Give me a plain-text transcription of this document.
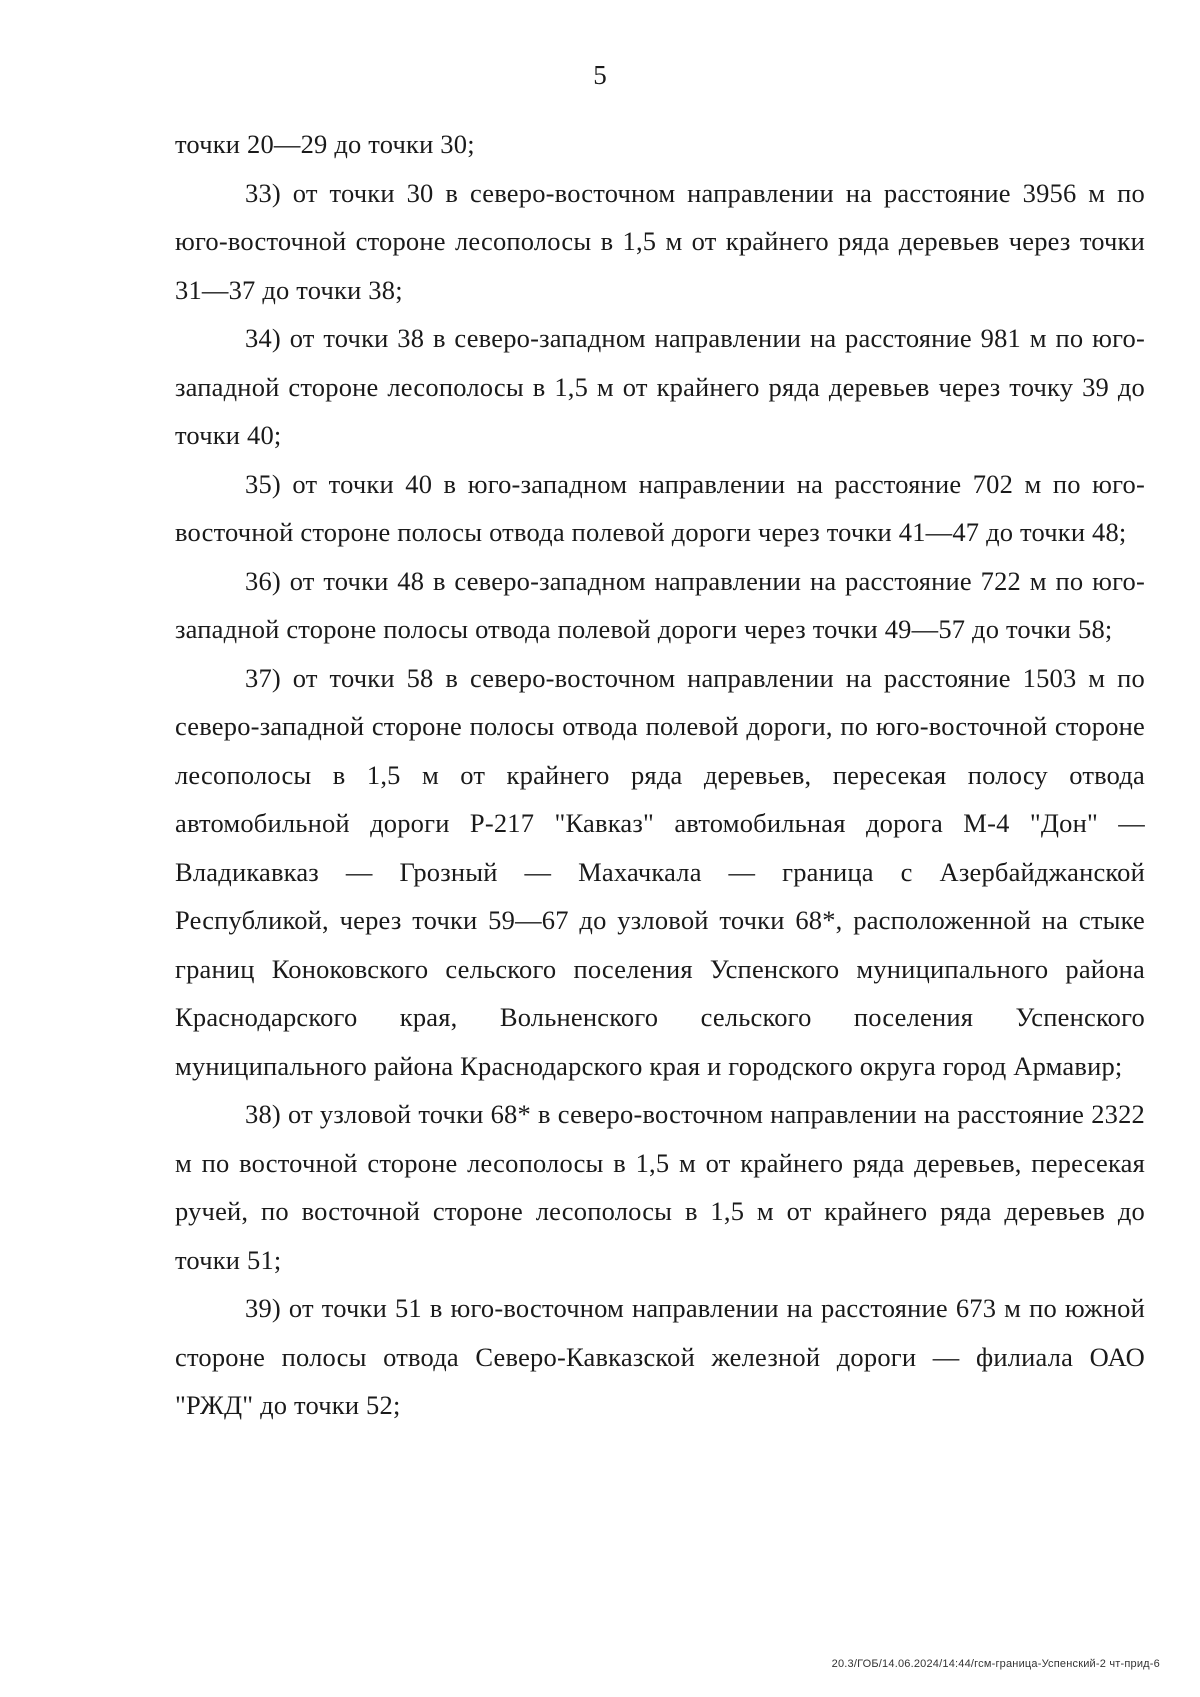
5

точки 20—29 до точки 30;

33) от точки 30 в северо-восточном направлении на расстояние 3956 м по юго-восточной стороне лесополосы в 1,5 м от крайнего ряда деревьев через точки 31—37 до точки 38;

34) от точки 38 в северо-западном направлении на расстояние 981 м по юго-западной стороне лесополосы в 1,5 м от крайнего ряда деревьев через точку 39 до точки 40;

35) от точки 40 в юго-западном направлении на расстояние 702 м по юго-восточной стороне полосы отвода полевой дороги через точки 41—47 до точки 48;

36) от точки 48 в северо-западном направлении на расстояние 722 м по юго-западной стороне полосы отвода полевой дороги через точки 49—57 до точки 58;

37) от точки 58 в северо-восточном направлении на расстояние 1503 м по северо-западной стороне полосы отвода полевой дороги, по юго-восточной стороне лесополосы в 1,5 м от крайнего ряда деревьев, пересекая полосу отвода автомобильной дороги Р-217 "Кавказ" автомобильная дорога М-4 "Дон" — Владикавказ — Грозный — Махачкала — граница с Азербайджанской Республикой, через точки 59—67 до узловой точки 68*, расположенной на стыке границ Коноковского сельского поселения Успенского муниципального района Краснодарского края, Вольненского сельского поселения Успенского муниципального района Краснодарского края и городского округа город Армавир;

38) от узловой точки 68* в северо-восточном направлении на расстояние 2322 м по восточной стороне лесополосы в 1,5 м от крайнего ряда деревьев, пересекая ручей, по восточной стороне лесополосы в 1,5 м от крайнего ряда деревьев до точки 51;

39) от точки 51 в юго-восточном направлении на расстояние 673 м по южной стороне полосы отвода Северо-Кавказской железной дороги — филиала ОАО "РЖД" до точки 52;

20.3/ГОБ/14.06.2024/14:44/гсм-граница-Успенский-2 чт-прид-6
